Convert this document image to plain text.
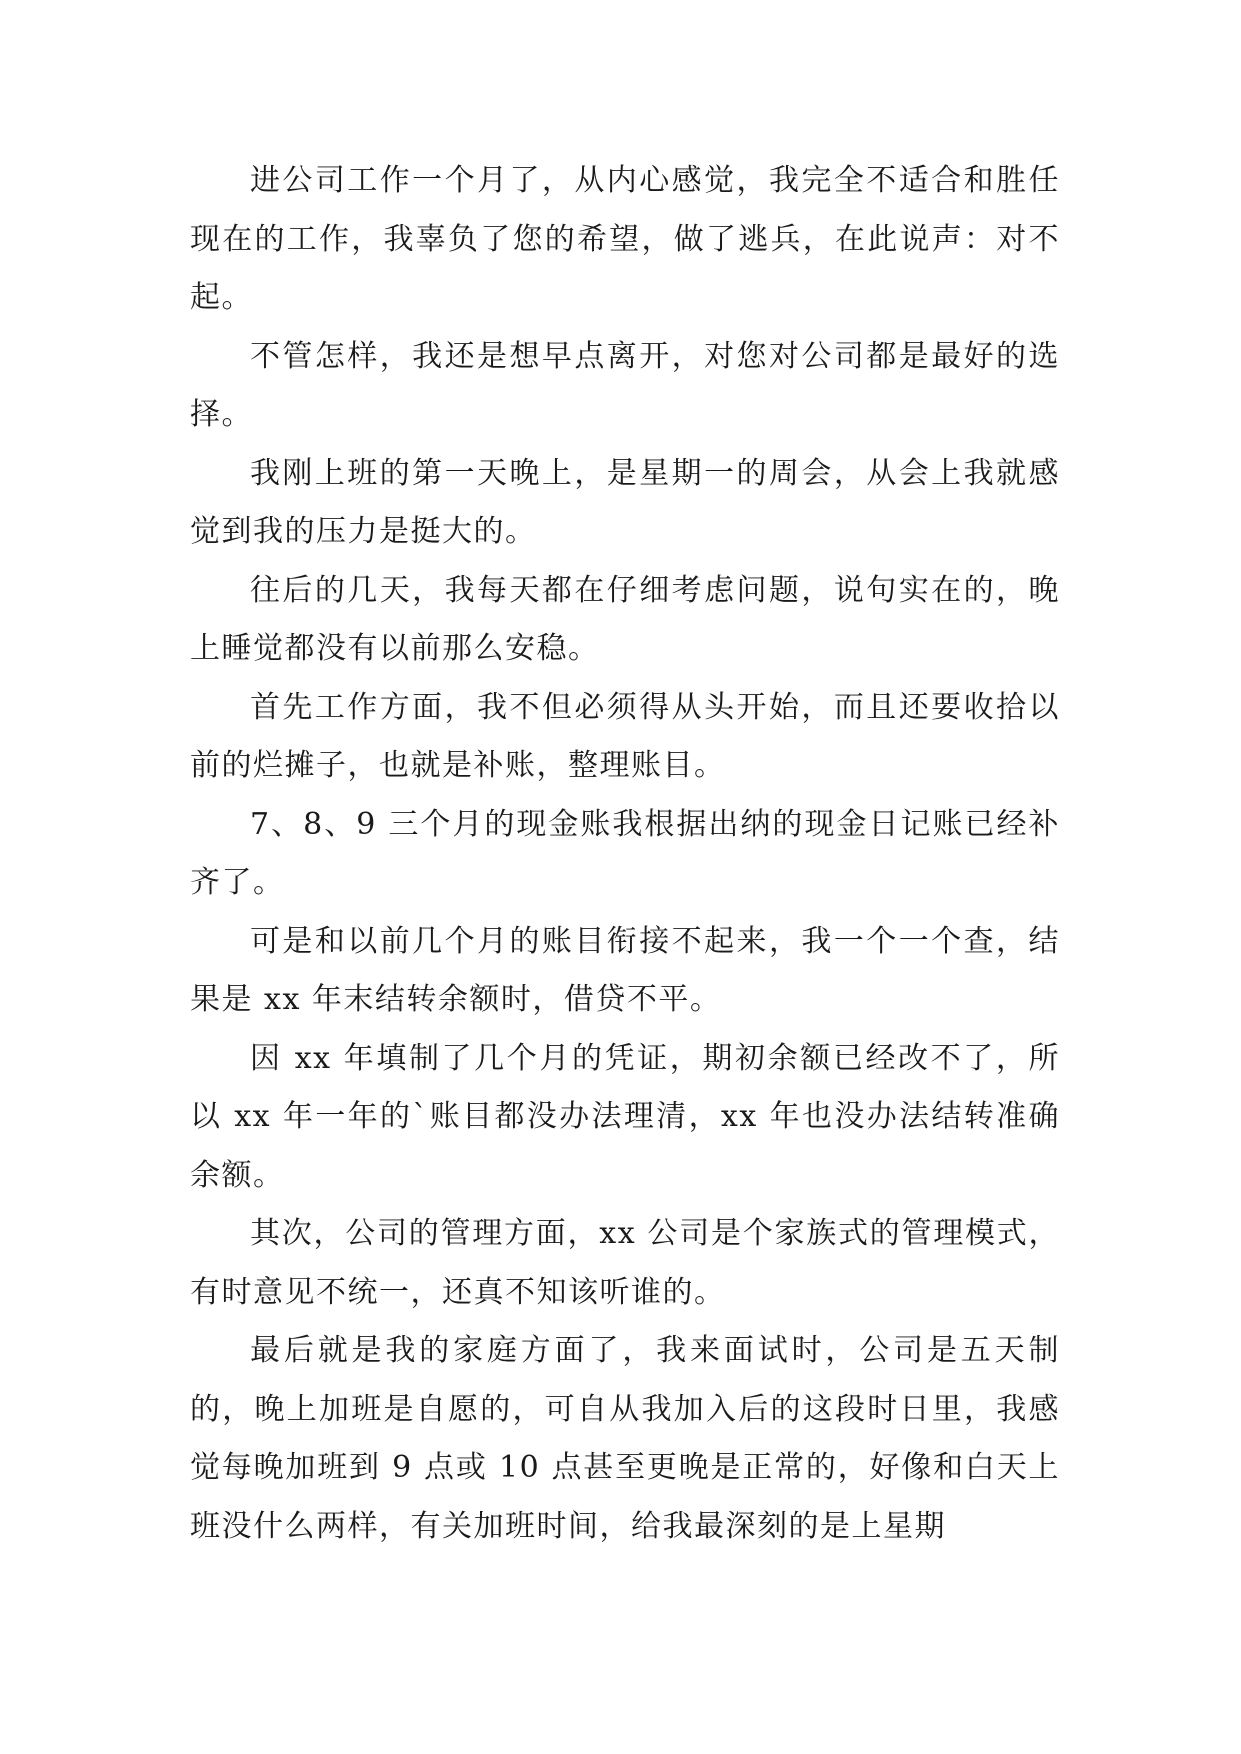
进公司工作一个月了，从内心感觉，我完全不适合和胜任现在的工作，我辜负了您的希望，做了逃兵，在此说声：对不起。

不管怎样，我还是想早点离开，对您对公司都是最好的选择。

我刚上班的第一天晚上，是星期一的周会，从会上我就感觉到我的压力是挺大的。

往后的几天，我每天都在仔细考虑问题，说句实在的，晚上睡觉都没有以前那么安稳。

首先工作方面，我不但必须得从头开始，而且还要收拾以前的烂摊子，也就是补账，整理账目。

7、8、9 三个月的现金账我根据出纳的现金日记账已经补齐了。

可是和以前几个月的账目衔接不起来，我一个一个查，结果是 xx 年末结转余额时，借贷不平。

因 xx 年填制了几个月的凭证，期初余额已经改不了，所以 xx 年一年的`账目都没办法理清，xx 年也没办法结转准确余额。

其次，公司的管理方面，xx 公司是个家族式的管理模式，有时意见不统一，还真不知该听谁的。

最后就是我的家庭方面了，我来面试时，公司是五天制的，晚上加班是自愿的，可自从我加入后的这段时日里，我感觉每晚加班到 9 点或 10 点甚至更晚是正常的，好像和白天上班没什么两样，有关加班时间，给我最深刻的是上星期
